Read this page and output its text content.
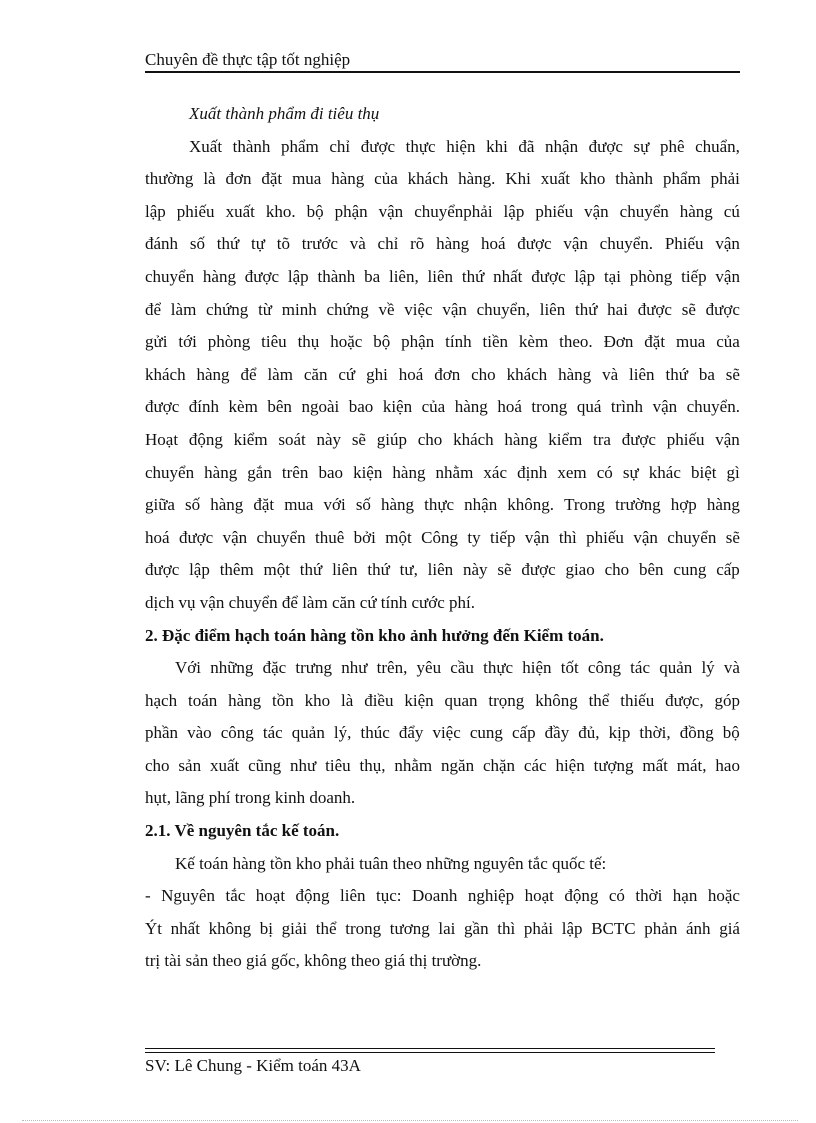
Chuyên đề thực tập tốt nghiệp
Xuất thành phẩm đi tiêu thụ
Xuất thành phẩm chỉ được thực hiện khi đã nhận được sự phê chuẩn,
thường là đơn đặt mua hàng của khách hàng. Khi xuất kho thành phẩm phải
lập phiếu xuất kho. bộ phận vận chuyểnphải lập phiếu vận chuyển hàng cú
đánh số thứ tự tõ trước và chỉ rõ hàng hoá được vận chuyển. Phiếu vận
chuyển hàng được lập thành ba liên, liên thứ nhất được lập tại phòng tiếp vận
để làm chứng từ minh chứng về việc vận chuyển, liên thứ hai được sẽ được
gửi tới phòng tiêu thụ hoặc bộ phận tính tiền kèm theo. Đơn đặt mua của
khách hàng để làm căn cứ ghi hoá đơn cho khách hàng và liên thứ ba sẽ
được đính kèm bên ngoài bao kiện của hàng hoá trong quá trình vận chuyển.
Hoạt động kiểm soát này sẽ giúp cho khách hàng kiểm tra được phiếu vận
chuyển hàng gắn trên bao kiện hàng nhằm xác định xem có sự khác biệt gì
giữa số hàng đặt mua với số hàng thực nhận không. Trong trường hợp hàng
hoá được vận chuyển thuê bởi một Công ty tiếp vận thì phiếu vận chuyển sẽ
được lập thêm một thứ liên thứ tư, liên này sẽ được giao cho bên cung cấp
dịch vụ vận chuyển để làm căn cứ tính cước phí.
2. Đặc điểm hạch toán hàng tồn kho ảnh hưởng đến Kiểm toán.
Với những đặc trưng như trên, yêu cầu thực hiện tốt công tác quản lý và
hạch toán hàng tồn kho là điều kiện quan trọng không thể thiếu được, góp
phần vào công tác quản lý, thúc đẩy việc cung cấp đầy đủ, kịp thời, đồng bộ
cho sản xuất cũng như tiêu thụ, nhằm ngăn chặn các hiện tượng mất mát, hao
hụt, lãng phí trong kinh doanh.
2.1. Về nguyên tắc kế toán.
Kế toán hàng tồn kho phải tuân theo những nguyên tắc quốc tế:
- Nguyên tắc hoạt động liên tục: Doanh nghiệp hoạt động có thời hạn hoặc
Ýt nhất không bị giải thể trong tương lai gần thì phải lập BCTC phản ánh giá
trị tài sản theo giá gốc, không theo giá thị trường.
SV: Lê Chung - Kiểm toán 43A
